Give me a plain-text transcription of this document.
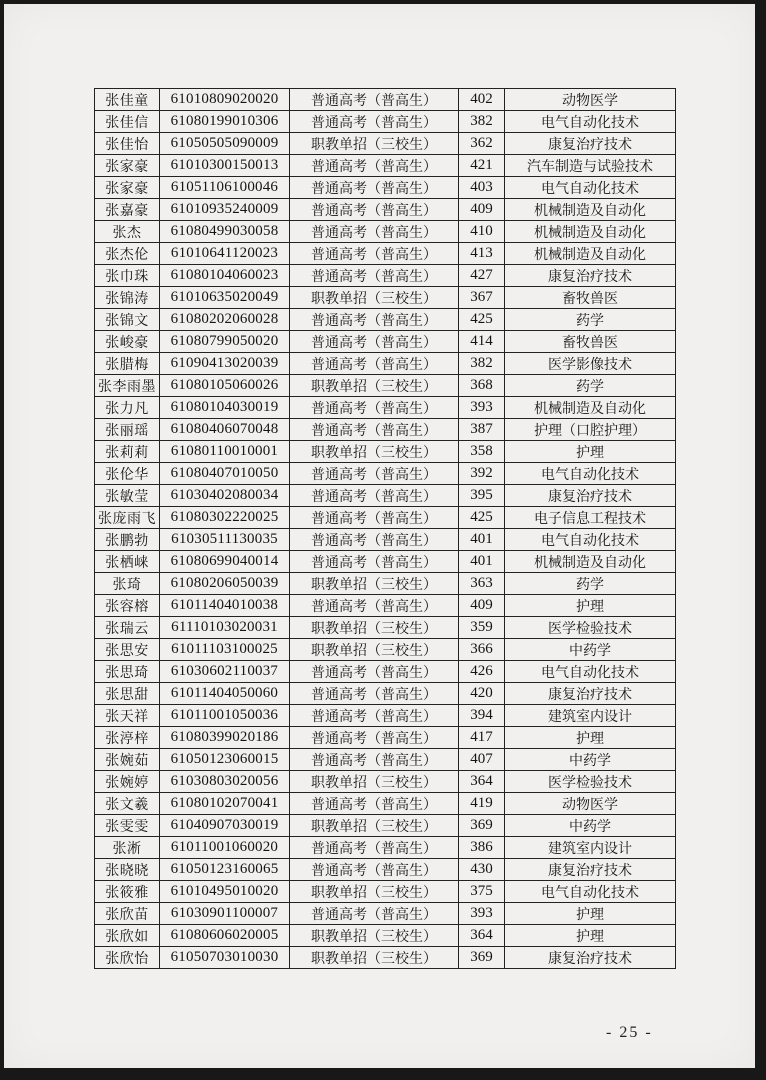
张佳童	61010809020020	普通高考（普高生）	402	动物医学
张佳信	61080199010306	普通高考（普高生）	382	电气自动化技术
张佳怡	61050505090009	职教单招（三校生）	362	康复治疗技术
张家豪	61010300150013	普通高考（普高生）	421	汽车制造与试验技术
张家豪	61051106100046	普通高考（普高生）	403	电气自动化技术
张嘉豪	61010935240009	普通高考（普高生）	409	机械制造及自动化
张杰	61080499030058	普通高考（普高生）	410	机械制造及自动化
张杰伦	61010641120023	普通高考（普高生）	413	机械制造及自动化
张巾珠	61080104060023	普通高考（普高生）	427	康复治疗技术
张锦涛	61010635020049	职教单招（三校生）	367	畜牧兽医
张锦文	61080202060028	普通高考（普高生）	425	药学
张峻豪	61080799050020	普通高考（普高生）	414	畜牧兽医
张腊梅	61090413020039	普通高考（普高生）	382	医学影像技术
张李雨墨	61080105060026	职教单招（三校生）	368	药学
张力凡	61080104030019	普通高考（普高生）	393	机械制造及自动化
张丽瑶	61080406070048	普通高考（普高生）	387	护理（口腔护理）
张莉莉	61080110010001	职教单招（三校生）	358	护理
张伦华	61080407010050	普通高考（普高生）	392	电气自动化技术
张敏莹	61030402080034	普通高考（普高生）	395	康复治疗技术
张庞雨飞	61080302220025	普通高考（普高生）	425	电子信息工程技术
张鹏勃	61030511130035	普通高考（普高生）	401	电气自动化技术
张栖崃	61080699040014	普通高考（普高生）	401	机械制造及自动化
张琦	61080206050039	职教单招（三校生）	363	药学
张容榕	61011404010038	普通高考（普高生）	409	护理
张瑞云	61110103020031	职教单招（三校生）	359	医学检验技术
张思安	61011103100025	职教单招（三校生）	366	中药学
张思琦	61030602110037	普通高考（普高生）	426	电气自动化技术
张思甜	61011404050060	普通高考（普高生）	420	康复治疗技术
张天祥	61011001050036	普通高考（普高生）	394	建筑室内设计
张渟梓	61080399020186	普通高考（普高生）	417	护理
张婉茹	61050123060015	普通高考（普高生）	407	中药学
张婉婷	61030803020056	职教单招（三校生）	364	医学检验技术
张文羲	61080102070041	普通高考（普高生）	419	动物医学
张雯雯	61040907030019	职教单招（三校生）	369	中药学
张淅	61011001060020	普通高考（普高生）	386	建筑室内设计
张晓晓	61050123160065	普通高考（普高生）	430	康复治疗技术
张筱雅	61010495010020	职教单招（三校生）	375	电气自动化技术
张欣苗	61030901100007	普通高考（普高生）	393	护理
张欣如	61080606020005	职教单招（三校生）	364	护理
张欣怡	61050703010030	职教单招（三校生）	369	康复治疗技术
- 25 -
